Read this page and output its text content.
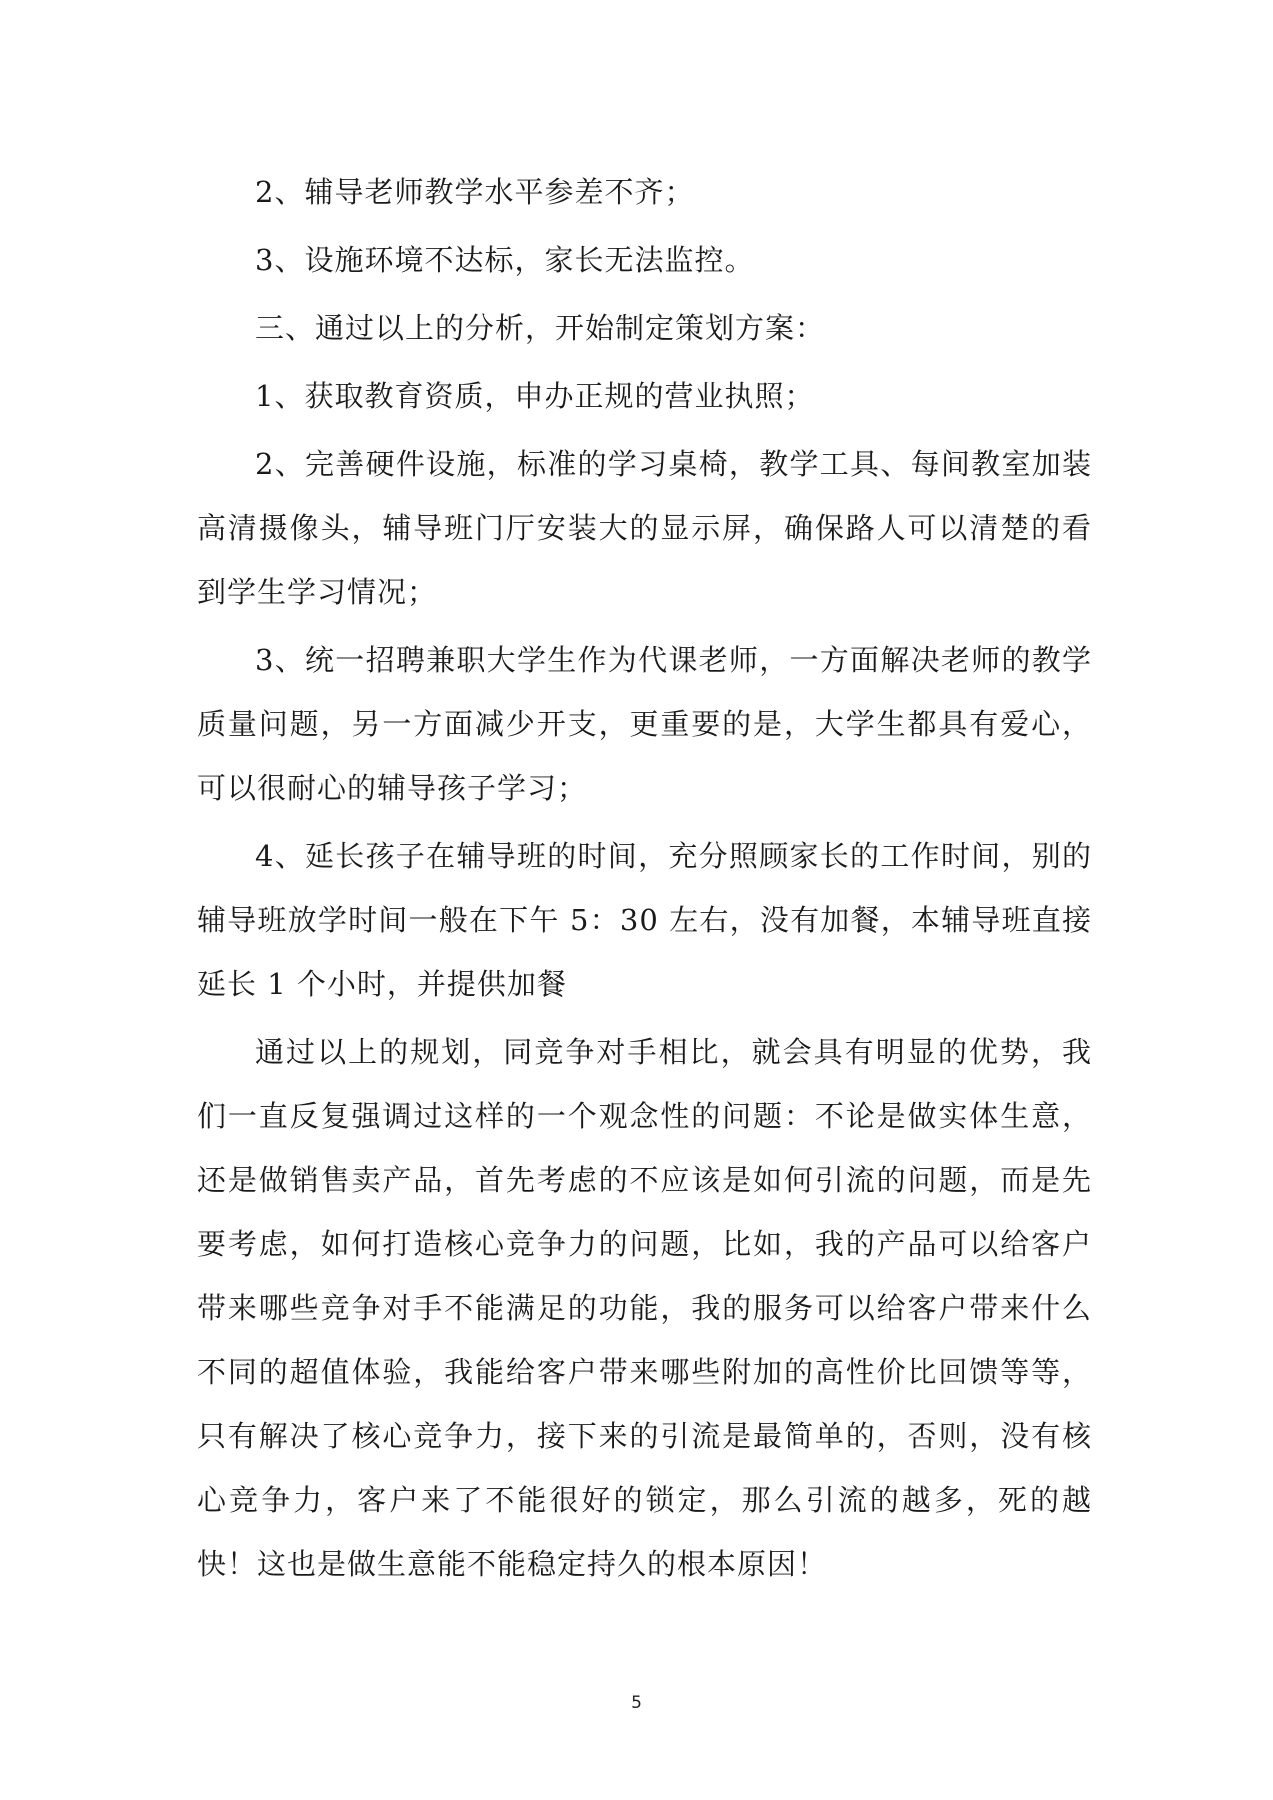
2、辅导老师教学水平参差不齐；

3、设施环境不达标，家长无法监控。

三、通过以上的分析，开始制定策划方案：

1、获取教育资质，申办正规的营业执照；

2、完善硬件设施，标准的学习桌椅，教学工具、每间教室加装高清摄像头，辅导班门厅安装大的显示屏，确保路人可以清楚的看到学生学习情况；

3、统一招聘兼职大学生作为代课老师，一方面解决老师的教学质量问题，另一方面减少开支，更重要的是，大学生都具有爱心，可以很耐心的辅导孩子学习；

4、延长孩子在辅导班的时间，充分照顾家长的工作时间，别的辅导班放学时间一般在下午 5：30 左右，没有加餐，本辅导班直接延长 1 个小时，并提供加餐

通过以上的规划，同竞争对手相比，就会具有明显的优势，我们一直反复强调过这样的一个观念性的问题：不论是做实体生意，还是做销售卖产品，首先考虑的不应该是如何引流的问题，而是先要考虑，如何打造核心竞争力的问题，比如，我的产品可以给客户带来哪些竞争对手不能满足的功能，我的服务可以给客户带来什么不同的超值体验，我能给客户带来哪些附加的高性价比回馈等等，只有解决了核心竞争力，接下来的引流是最简单的，否则，没有核心竞争力，客户来了不能很好的锁定，那么引流的越多，死的越快！这也是做生意能不能稳定持久的根本原因！

5
